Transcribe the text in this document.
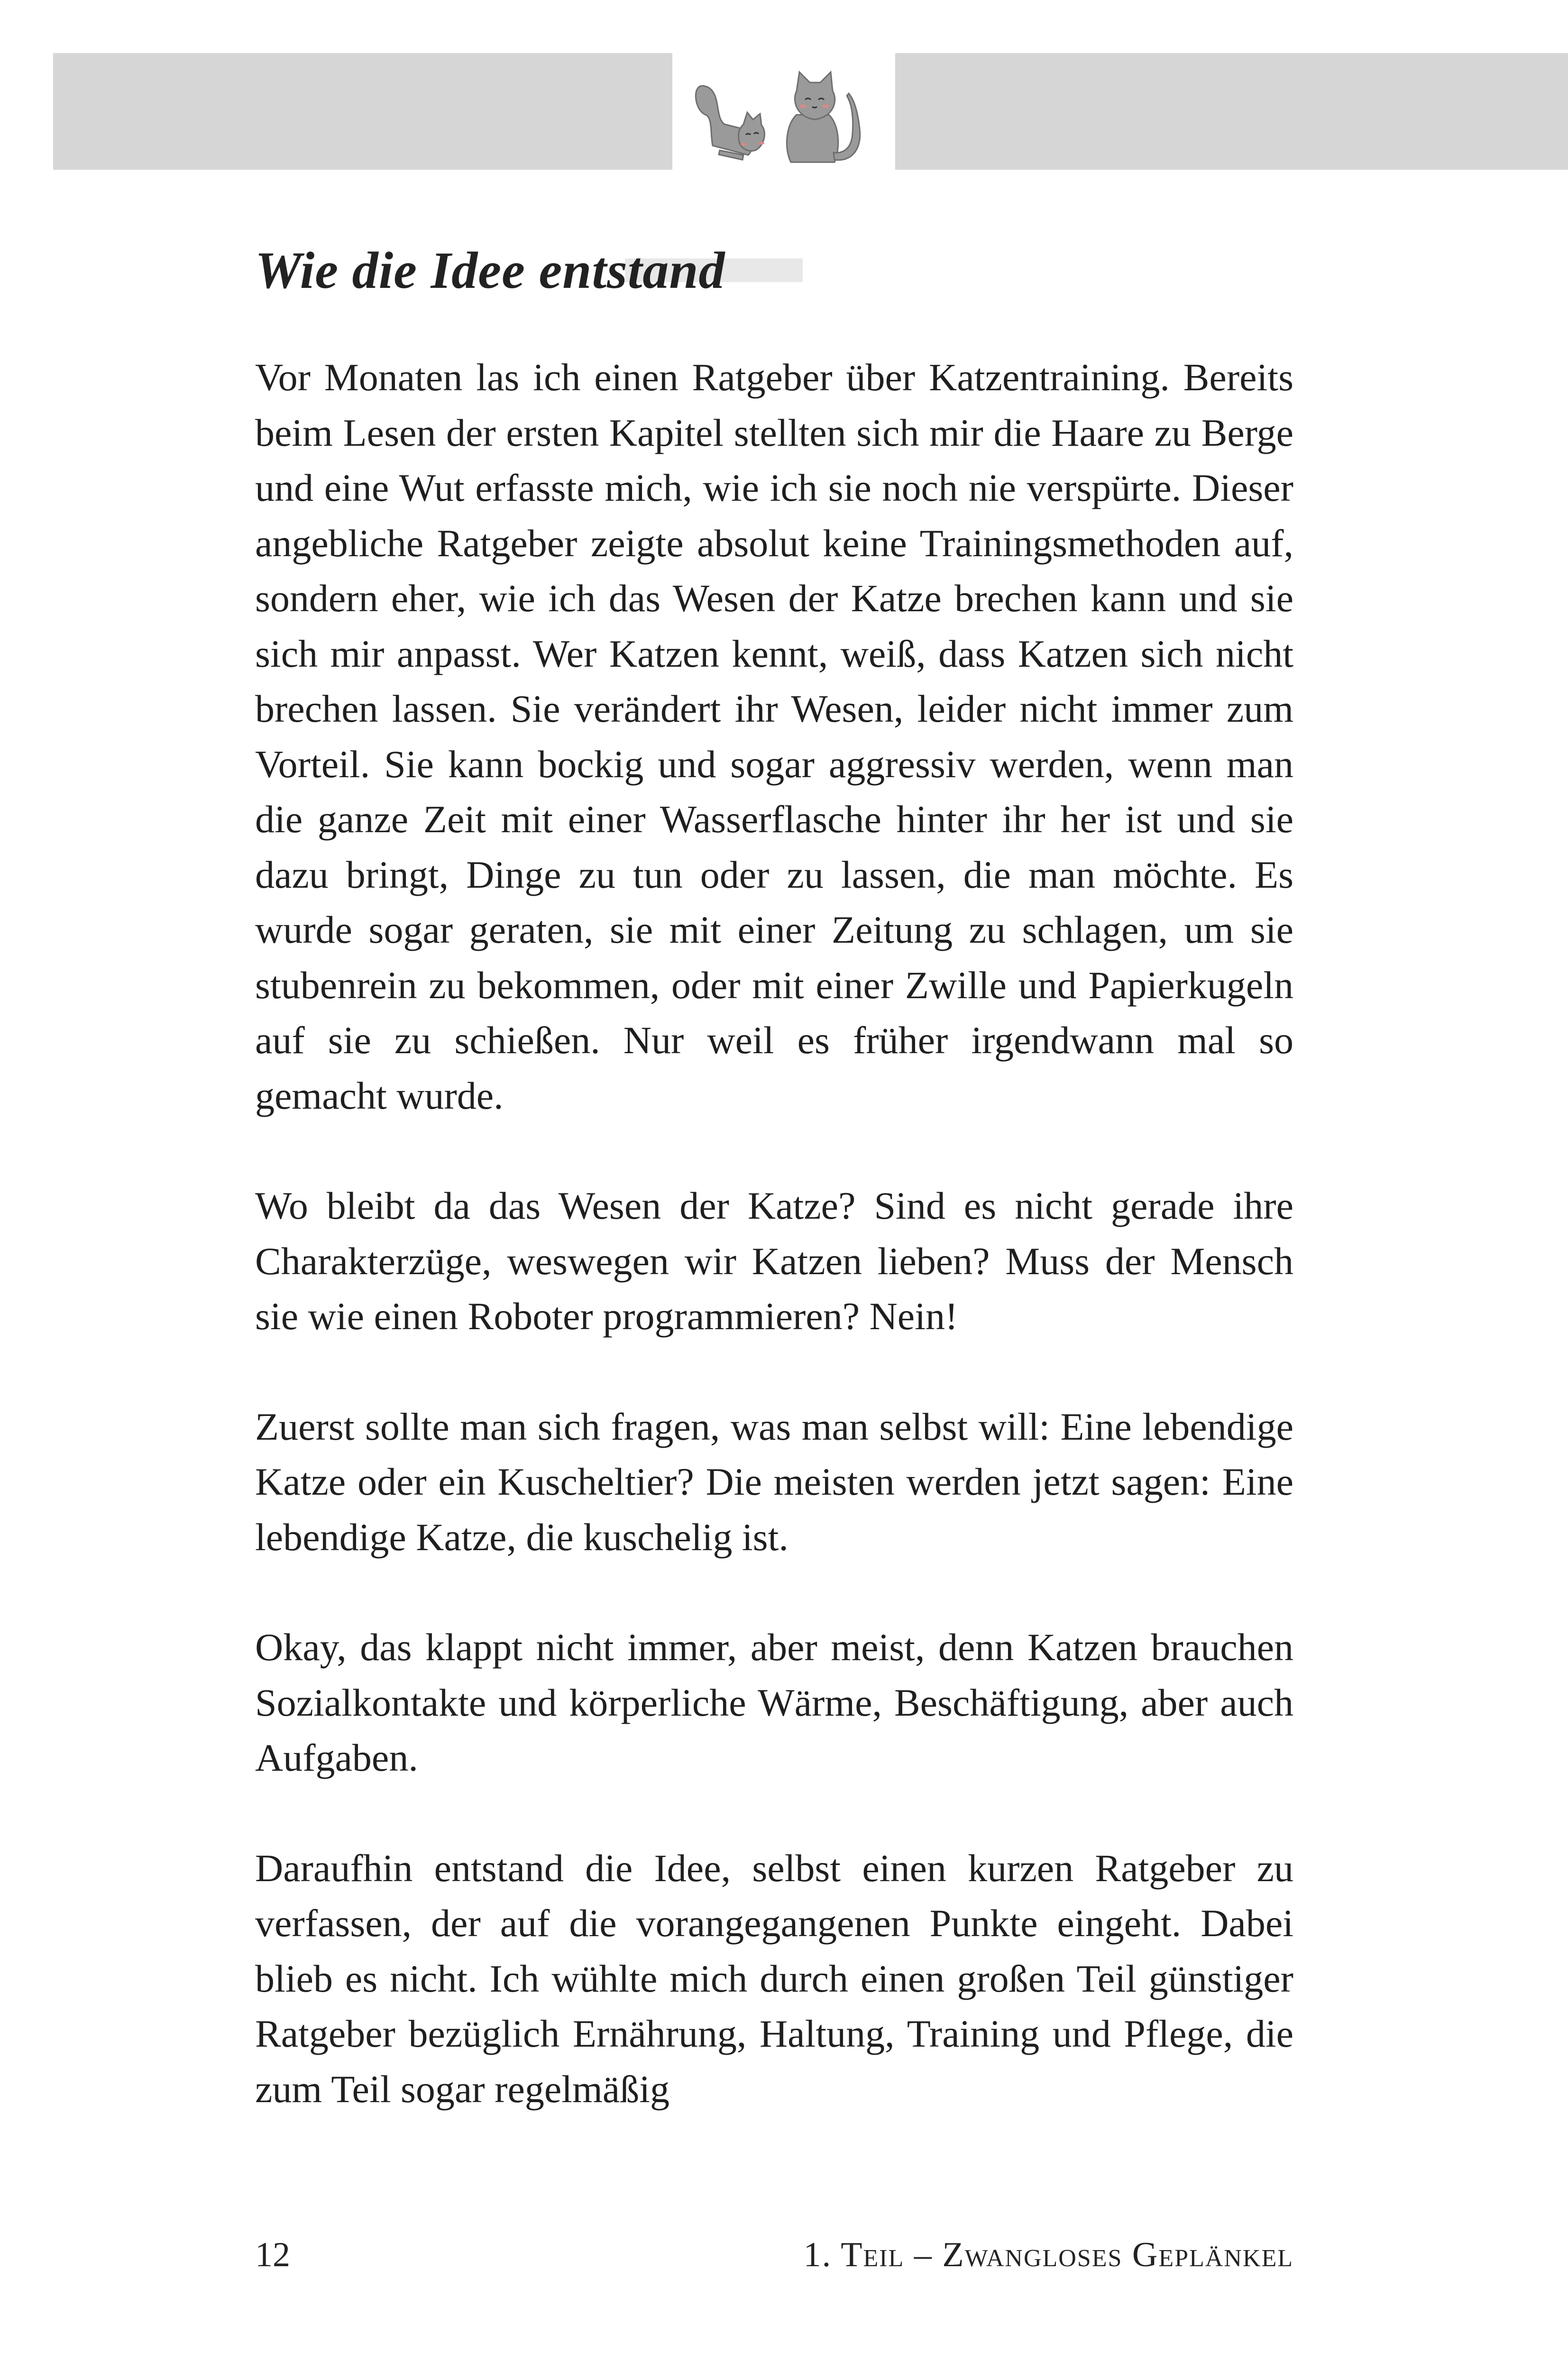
Wie die Idee entstand

Vor Monaten las ich einen Ratgeber über Katzentraining. Bereits beim Lesen der ersten Kapitel stellten sich mir die Haare zu Berge und eine Wut erfasste mich, wie ich sie noch nie verspürte. Dieser angebliche Ratgeber zeigte absolut keine Trainingsmethoden auf, sondern eher, wie ich das Wesen der Katze brechen kann und sie sich mir anpasst. Wer Katzen kennt, weiß, dass Katzen sich nicht brechen lassen. Sie verändert ihr Wesen, leider nicht immer zum Vorteil. Sie kann bockig und sogar aggressiv werden, wenn man die ganze Zeit mit einer Wasserflasche hinter ihr her ist und sie dazu bringt, Dinge zu tun oder zu lassen, die man möchte. Es wurde sogar geraten, sie mit einer Zeitung zu schlagen, um sie stubenrein zu bekommen, oder mit einer Zwille und Papierkugeln auf sie zu schießen. Nur weil es früher irgendwann mal so gemacht wurde.

Wo bleibt da das Wesen der Katze? Sind es nicht gerade ihre Charakterzüge, weswegen wir Katzen lieben? Muss der Mensch sie wie einen Roboter programmieren? Nein!

Zuerst sollte man sich fragen, was man selbst will: Eine lebendige Katze oder ein Kuscheltier? Die meisten werden jetzt sagen: Eine lebendige Katze, die kuschelig ist.

Okay, das klappt nicht immer, aber meist, denn Katzen brauchen Sozialkontakte und körperliche Wärme, Beschäftigung, aber auch Aufgaben.

Daraufhin entstand die Idee, selbst einen kurzen Ratgeber zu verfassen, der auf die vorangegangenen Punkte eingeht. Dabei blieb es nicht. Ich wühlte mich durch einen großen Teil günstiger Ratgeber bezüglich Ernährung, Haltung, Training und Pflege, die zum Teil sogar regelmäßig

12	1. Teil – Zwangloses Geplänkel
